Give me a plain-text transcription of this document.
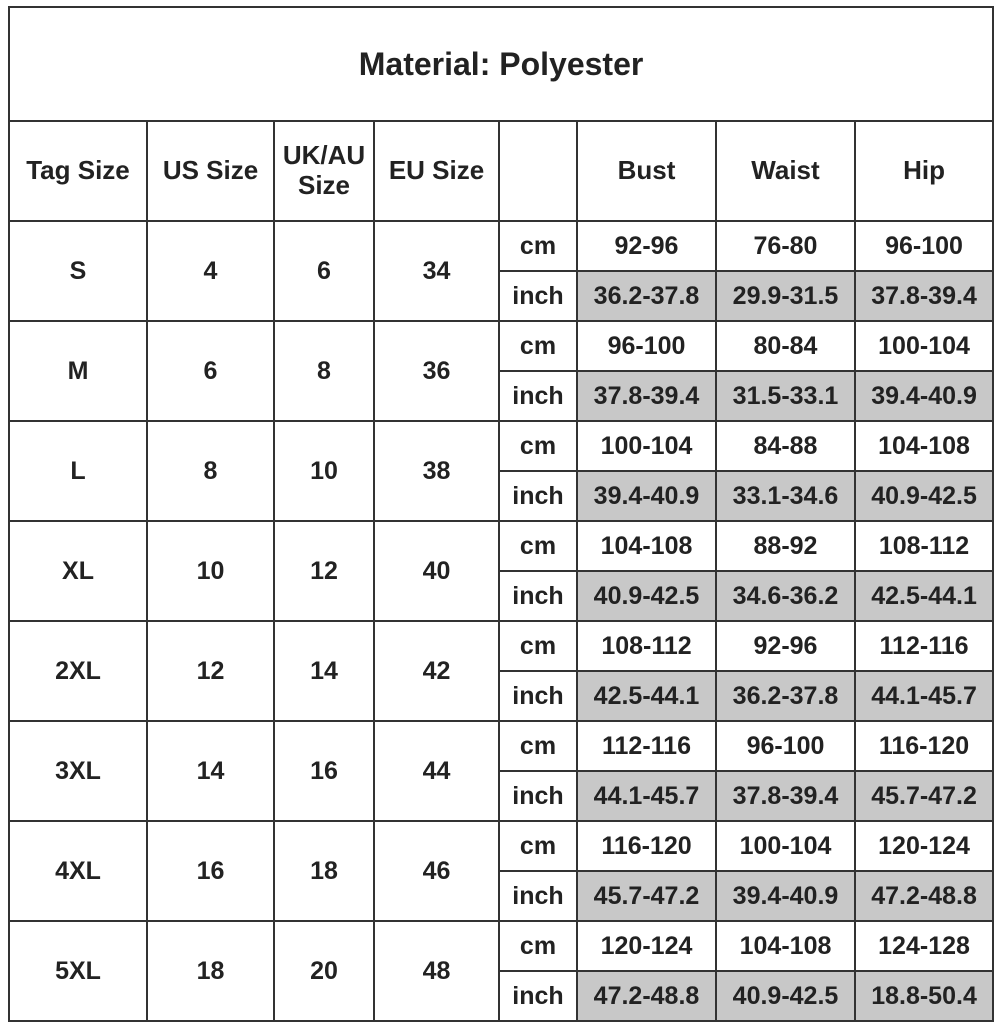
Material: Polyester							
Tag Size	US Size	UK/AU Size	EU Size		Bust	Waist	Hip
S	4	6	34	cm	92-96	76-80	96-100
				inch	36.2-37.8	29.9-31.5	37.8-39.4
M	6	8	36	cm	96-100	80-84	100-104
				inch	37.8-39.4	31.5-33.1	39.4-40.9
L	8	10	38	cm	100-104	84-88	104-108
				inch	39.4-40.9	33.1-34.6	40.9-42.5
XL	10	12	40	cm	104-108	88-92	108-112
				inch	40.9-42.5	34.6-36.2	42.5-44.1
2XL	12	14	42	cm	108-112	92-96	112-116
				inch	42.5-44.1	36.2-37.8	44.1-45.7
3XL	14	16	44	cm	112-116	96-100	116-120
				inch	44.1-45.7	37.8-39.4	45.7-47.2
4XL	16	18	46	cm	116-120	100-104	120-124
				inch	45.7-47.2	39.4-40.9	47.2-48.8
5XL	18	20	48	cm	120-124	104-108	124-128
				inch	47.2-48.8	40.9-42.5	18.8-50.4
